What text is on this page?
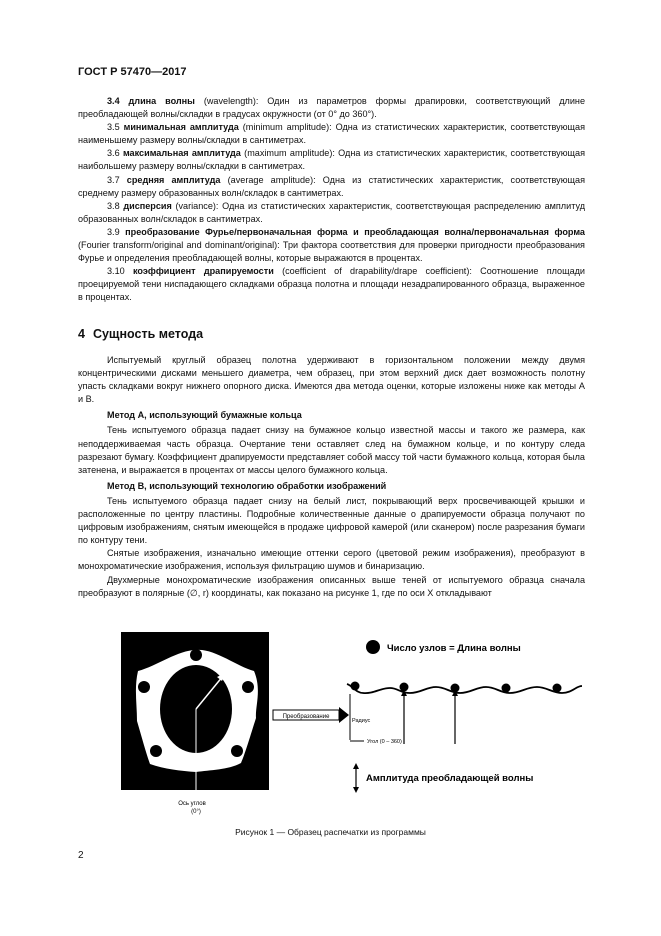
ГОСТ Р 57470—2017

3.4 длина волны (wavelength): Один из параметров формы драпировки, соответствующий длине преобладающей волны/складки в градусах окружности (от 0° до 360°).

3.5 минимальная амплитуда (minimum amplitude): Одна из статистических характеристик, соответствующая наименьшему размеру волны/складки в сантиметрах.

3.6 максимальная амплитуда (maximum amplitude): Одна из статистических характеристик, соответствующая наибольшему размеру волны/складки в сантиметрах.

3.7 средняя амплитуда (average amplitude): Одна из статистических характеристик, соответствующая среднему размеру образованных волн/складок в сантиметрах.

3.8 дисперсия (variance): Одна из статистических характеристик, соответствующая распределению амплитуд образованных волн/складок в сантиметрах.

3.9 преобразование Фурье/первоначальная форма и преобладающая волна/первоначальная форма (Fourier transform/original and dominant/original): Три фактора соответствия для проверки пригодности преобразования Фурье и определения преобладающей волны, которые выражаются в процентах.

3.10 коэффициент драпируемости (coefficient of drapability/drape coefficient): Соотношение площади проецируемой тени ниспадающего складками образца полотна и площади незадрапированного образца, выраженное в процентах.

4 Сущность метода

Испытуемый круглый образец полотна удерживают в горизонтальном положении между двумя концентрическими дисками меньшего диаметра, чем образец, при этом верхний диск дает возможность полотну упасть складками вокруг нижнего опорного диска. Имеются два метода оценки, которые изложены ниже как методы A и B.

Метод A, использующий бумажные кольца

Тень испытуемого образца падает снизу на бумажное кольцо известной массы и такого же размера, как неподдерживаемая часть образца. Очертание тени оставляет след на бумажном кольце, и по контуру следа разрезают бумагу. Коэффициент драпируемости представляет собой массу той части бумажного кольца, которая была затенена, и выражается в процентах от массы целого бумажного кольца.

Метод B, использующий технологию обработки изображений

Тень испытуемого образца падает снизу на белый лист, покрывающий верх просвечивающей крышки и расположенные по центру пластины. Подробные количественные данные о драпируемости образца получают по цифровым изображениям, снятым имеющейся в продаже цифровой камерой (или сканером) после разрезания бумаги по контуру тени.

Снятые изображения, изначально имеющие оттенки серого (цветовой режим изображения), преобразуют в монохроматические изображения, используя фильтрацию шумов и бинаризацию.

Двухмерные монохроматические изображения описанных выше теней от испытуемого образца сначала преобразуют в полярные (∅, r) координаты, как показано на рисунке 1, где по оси X откладывают

Ось углов
(0°)
Преобразование
Число узлов = Длина волны
Радиус
Угол (0 – 360)
Амплитуда преобладающей волны
Рисунок 1 — Образец распечатки из программы
2
